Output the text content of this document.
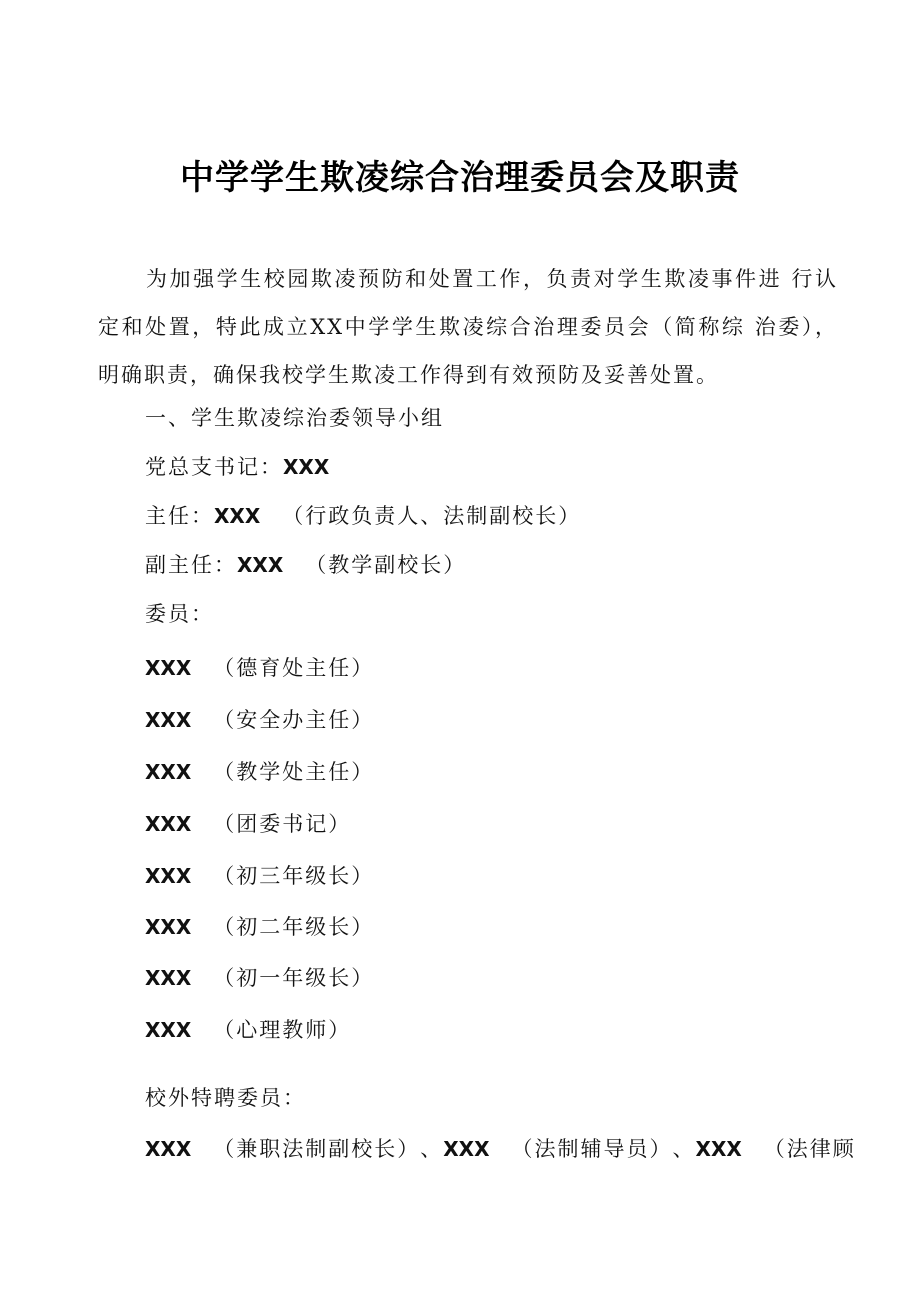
中学学生欺凌综合治理委员会及职责

为加强学生校园欺凌预防和处置工作，负责对学生欺凌事件进 行认定和处置，特此成立XX中学学生欺凌综合治理委员会（简称综 治委），明确职责，确保我校学生欺凌工作得到有效预防及妥善处置。

一、学生欺凌综治委领导小组

党总支书记：XXX

主任：XXX （行政负责人、法制副校长）

副主任：XXX （教学副校长）

委员：

XXX （德育处主任）

XXX （安全办主任）

XXX （教学处主任）

XXX （团委书记）

XXX （初三年级长）

XXX （初二年级长）

XXX （初一年级长）

XXX （心理教师）

校外特聘委员：

XXX （兼职法制副校长）、XXX （法制辅导员）、XXX （法律顾
